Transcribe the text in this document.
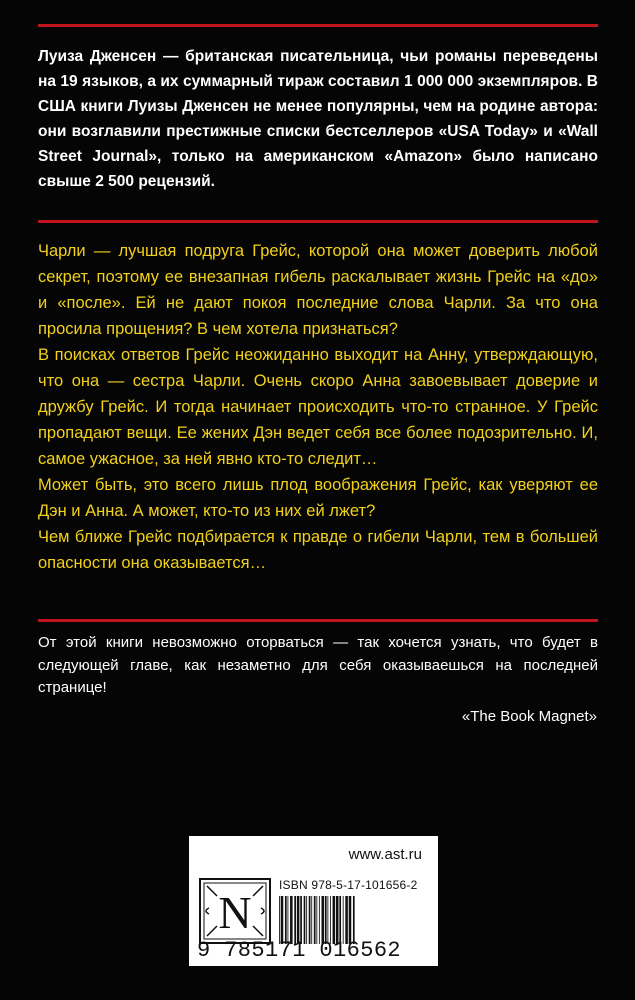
Луиза Дженсен — британская писательница, чьи романы переведены на 19 языков, а их суммарный тираж составил 1 000 000 экземпляров. В США книги Луизы Дженсен не менее популярны, чем на родине автора: они возглавили престижные списки бестселлеров «USA Today» и «Wall Street Journal», только на американском «Amazon» было написано свыше 2 500 рецензий.

Чарли — лучшая подруга Грейс, которой она может доверить любой секрет, поэтому ее внезапная гибель раскалывает жизнь Грейс на «до» и «после». Ей не дают покоя последние слова Чарли. За что она просила прощения? В чем хотела признаться?

В поисках ответов Грейс неожиданно выходит на Анну, утверждающую, что она — сестра Чарли. Очень скоро Анна завоевывает доверие и дружбу Грейс. И тогда начинает происходить что-то странное. У Грейс пропадают вещи. Ее жених Дэн ведет себя все более подозрительно. И, самое ужасное, за ней явно кто-то следит…

Может быть, это всего лишь плод воображения Грейс, как уверяют ее Дэн и Анна. А может, кто-то из них ей лжет?

Чем ближе Грейс подбирается к правде о гибели Чарли, тем в большей опасности она оказывается…

От этой книги невозможно оторваться — так хочется узнать, что будет в следующей главе, как незаметно для себя оказываешься на последней странице!

«The Book Magnet»

www.ast.ru

ISBN 978-5-17-101656-2

N

9 785171 016562
